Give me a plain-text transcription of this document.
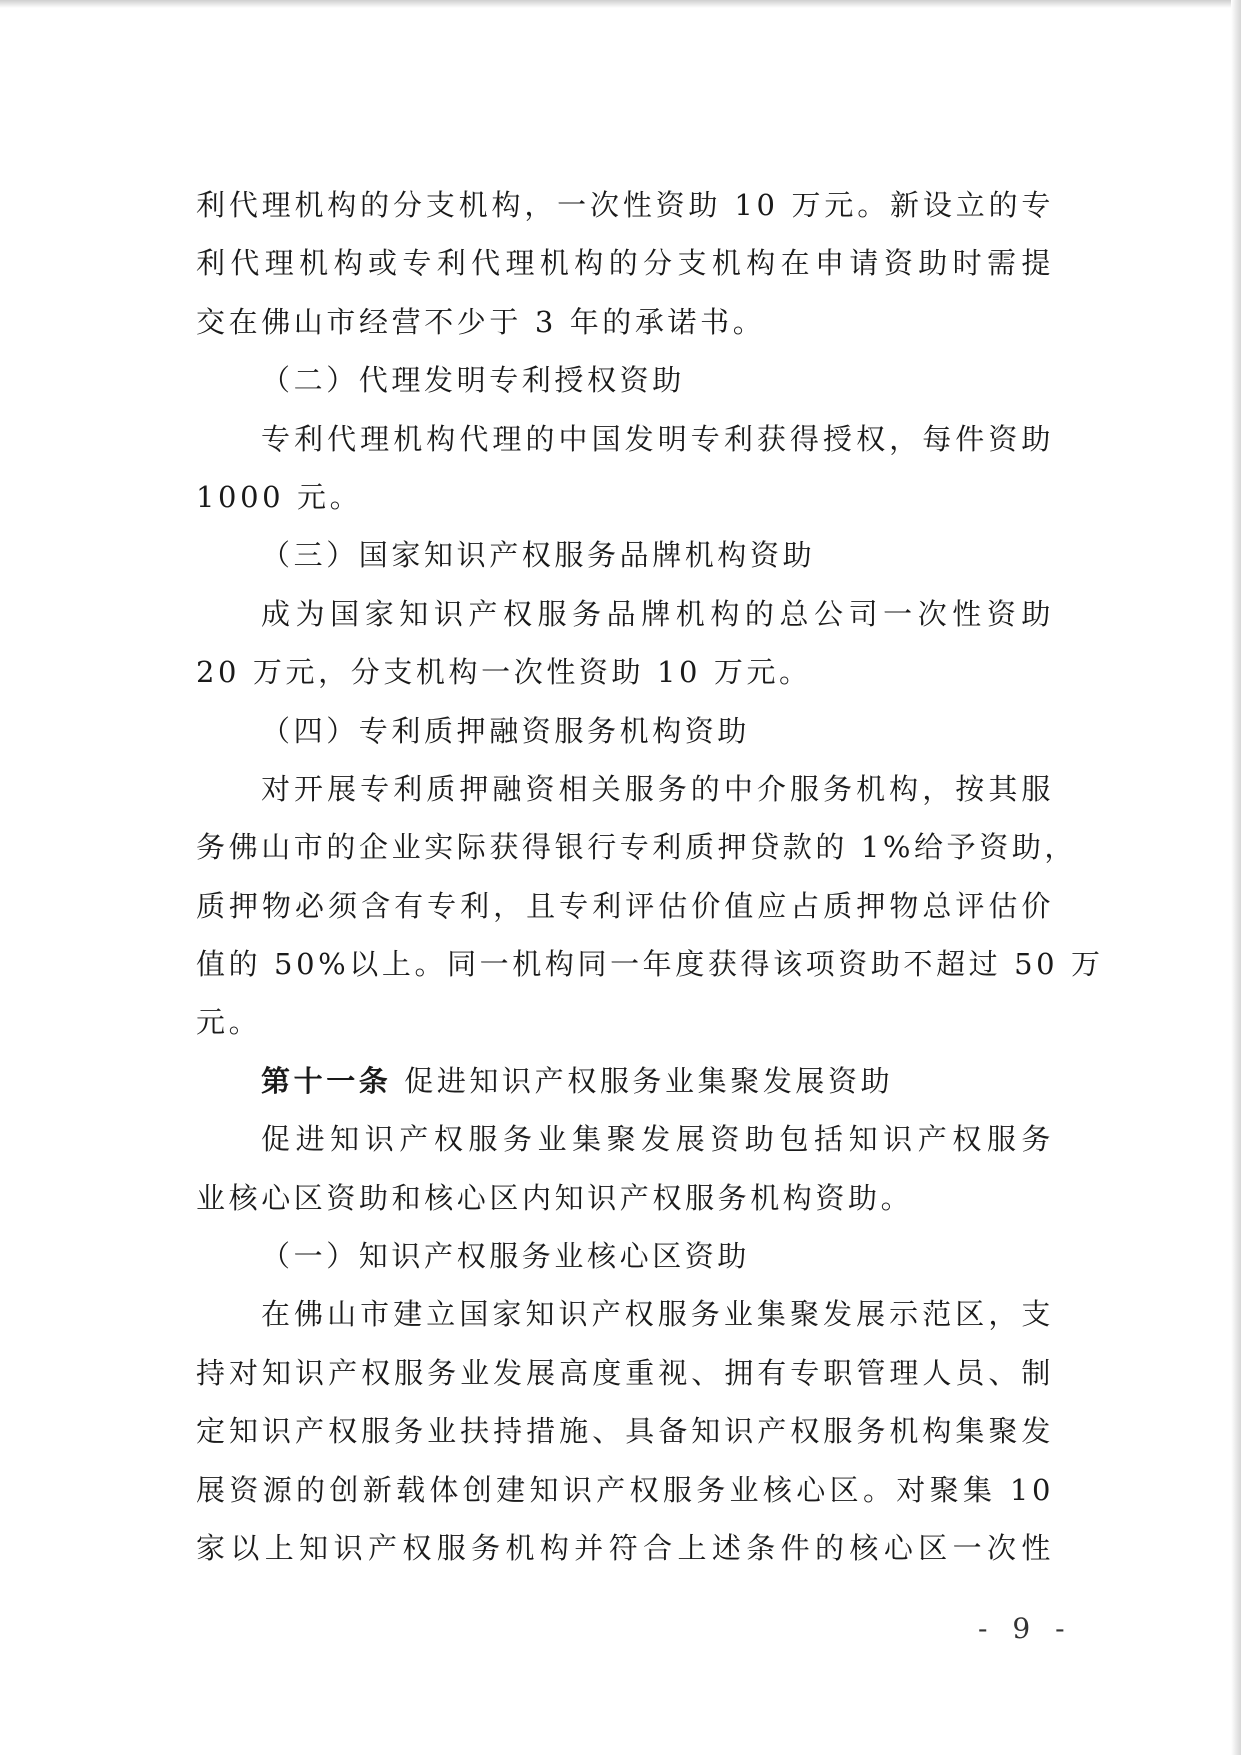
利代理机构的分支机构，一次性资助 10 万元。新设立的专
利代理机构或专利代理机构的分支机构在申请资助时需提
交在佛山市经营不少于 3 年的承诺书。
（二）代理发明专利授权资助
专利代理机构代理的中国发明专利获得授权，每件资助
1000 元。
（三）国家知识产权服务品牌机构资助
成为国家知识产权服务品牌机构的总公司一次性资助
20 万元，分支机构一次性资助 10 万元。
（四）专利质押融资服务机构资助
对开展专利质押融资相关服务的中介服务机构，按其服
务佛山市的企业实际获得银行专利质押贷款的 1%给予资助，
质押物必须含有专利，且专利评估价值应占质押物总评估价
值的 50%以上。同一机构同一年度获得该项资助不超过 50 万
元。
第十一条 促进知识产权服务业集聚发展资助
促进知识产权服务业集聚发展资助包括知识产权服务
业核心区资助和核心区内知识产权服务机构资助。
（一）知识产权服务业核心区资助
在佛山市建立国家知识产权服务业集聚发展示范区，支
持对知识产权服务业发展高度重视、拥有专职管理人员、制
定知识产权服务业扶持措施、具备知识产权服务机构集聚发
展资源的创新载体创建知识产权服务业核心区。对聚集 10
家以上知识产权服务机构并符合上述条件的核心区一次性
- 9 -
